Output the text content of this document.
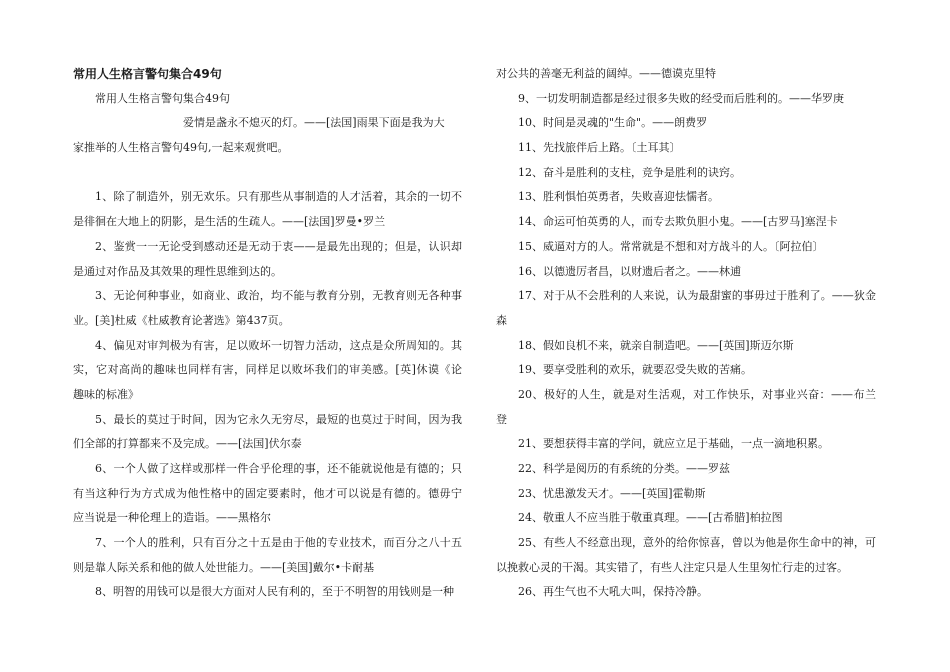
常用人生格言警句集合49句
常用人生格言警句集合49句
爱情是盏永不熄灭的灯。——[法国]雨果下面是我为大
家推举的人生格言警句49句,一起来观赏吧。
1、除了制造外，别无欢乐。只有那些从事制造的人才活着，其余的一切不
是徘徊在大地上的阴影，是生活的生疏人。——[法国]罗曼•罗兰
2、鉴赏一一无论受到感动还是无动于衷——是最先出现的；但是，认识却
是通过对作品及其效果的理性思维到达的。
3、无论何种事业，如商业、政治，均不能与教育分别，无教育则无各种事
业。[美]杜威《杜威教育论著选》第437页。
4、偏见对审判极为有害，足以败坏一切智力活动，这点是众所周知的。其
实，它对高尚的趣味也同样有害，同样足以败坏我们的审美感。[英]休谟《论
趣味的标准》
5、最长的莫过于时间，因为它永久无穷尽，最短的也莫过于时间，因为我
们全部的打算都来不及完成。——[法国]伏尔泰
6、一个人做了这样或那样一件合乎伦理的事，还不能就说他是有德的；只
有当这种行为方式成为他性格中的固定要素时，他才可以说是有德的。德毋宁
应当说是一种伦理上的造诣。——黑格尔
7、一个人的胜利，只有百分之十五是由于他的专业技术，而百分之八十五
则是靠人际关系和他的做人处世能力。——[美国]戴尔•卡耐基
8、明智的用钱可以是很大方面对人民有利的，至于不明智的用钱则是一种
对公共的善毫无利益的阔绰。——德谟克里特
9、一切发明制造都是经过很多失败的经受而后胜利的。——华罗庚
10、时间是灵魂的"生命"。——朗费罗
11、先找旅伴后上路。〔土耳其〕
12、奋斗是胜利的支柱，竞争是胜利的诀窍。
13、胜利惧怕英勇者，失败喜迎怯懦者。
14、命运可怕英勇的人，而专去欺负胆小鬼。——[古罗马]塞涅卡
15、威逼对方的人。常常就是不想和对方战斗的人。〔阿拉伯〕
16、以德遗厉者昌，以财遗后者之。——林逋
17、对于从不会胜利的人来说，认为最甜蜜的事毋过于胜利了。——狄金
森
18、假如良机不来，就亲自制造吧。——[英国]斯迈尔斯
19、要享受胜利的欢乐，就要忍受失败的苦痛。
20、极好的人生，就是对生活观，对工作快乐，对事业兴奋：——布兰
登
21、要想获得丰富的学问，就应立足于基础，一点一滴地积累。
22、科学是阅历的有系统的分类。——罗兹
23、忧患激发天才。——[英国]霍勒斯
24、敬重人不应当胜于敬重真理。——[古希腊]柏拉图
25、有些人不经意出现，意外的给你惊喜，曾以为他是你生命中的神，可
以挽救心灵的干渴。其实错了，有些人注定只是人生里匆忙行走的过客。
26、再生气也不大吼大叫，保持冷静。
